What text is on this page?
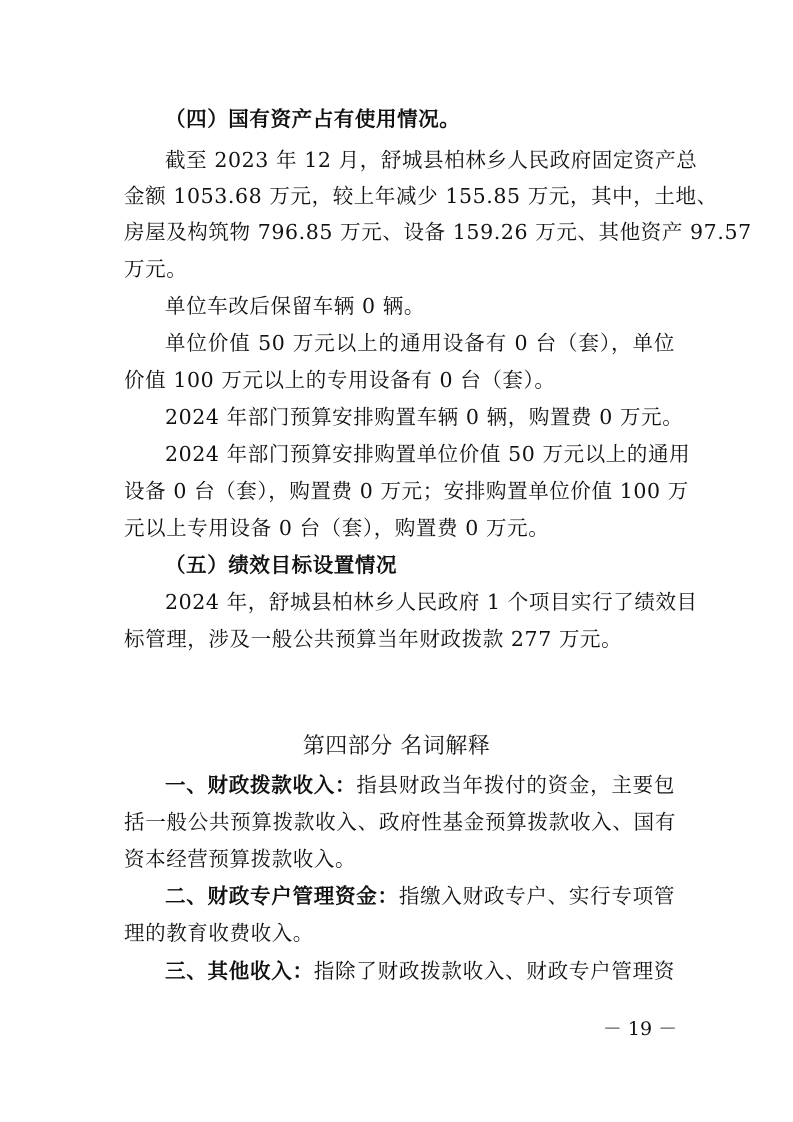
（四）国有资产占有使用情况。
截至 2023 年 12 月，舒城县柏林乡人民政府固定资产总
金额 1053.68 万元，较上年减少 155.85 万元，其中，土地、
房屋及构筑物 796.85 万元、设备 159.26 万元、其他资产 97.57
万元。
单位车改后保留车辆 0 辆。
单位价值 50 万元以上的通用设备有 0 台（套），单位
价值 100 万元以上的专用设备有 0 台（套）。
2024 年部门预算安排购置车辆 0 辆，购置费 0 万元。
2024 年部门预算安排购置单位价值 50 万元以上的通用
设备 0 台（套），购置费 0 万元；安排购置单位价值 100 万
元以上专用设备 0 台（套），购置费 0 万元。
（五）绩效目标设置情况
2024 年，舒城县柏林乡人民政府 1 个项目实行了绩效目
标管理，涉及一般公共预算当年财政拨款 277 万元。
第四部分 名词解释
一、财政拨款收入：指县财政当年拨付的资金，主要包
括一般公共预算拨款收入、政府性基金预算拨款收入、国有
资本经营预算拨款收入。
二、财政专户管理资金：指缴入财政专户、实行专项管
理的教育收费收入。
三、其他收入：指除了财政拨款收入、财政专户管理资
－ 19 －
